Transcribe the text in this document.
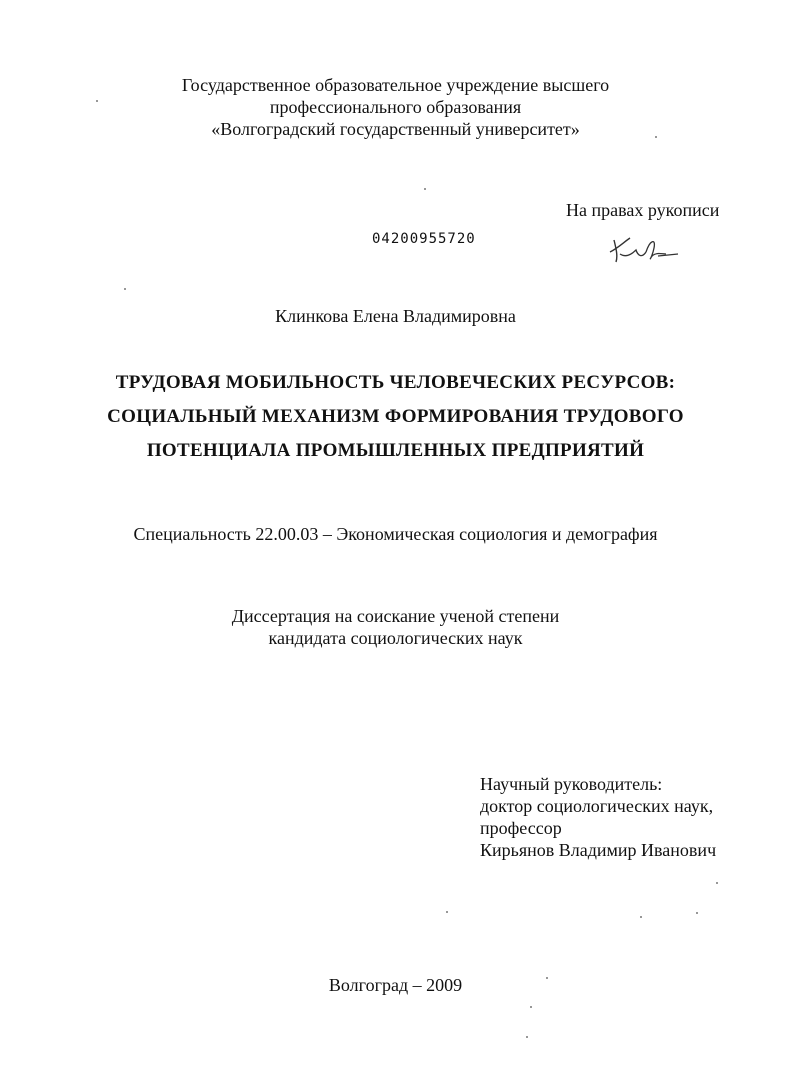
Государственное образовательное учреждение высшего
профессионального образования
«Волгоградский государственный университет»
На правах рукописи
04200955720
Клинкова Елена Владимировна
ТРУДОВАЯ МОБИЛЬНОСТЬ ЧЕЛОВЕЧЕСКИХ РЕСУРСОВ:
СОЦИАЛЬНЫЙ МЕХАНИЗМ ФОРМИРОВАНИЯ ТРУДОВОГО
ПОТЕНЦИАЛА ПРОМЫШЛЕННЫХ ПРЕДПРИЯТИЙ
Специальность 22.00.03 – Экономическая социология и демография
Диссертация на соискание ученой степени
кандидата социологических наук
Научный руководитель:
доктор социологических наук,
профессор
Кирьянов Владимир Иванович
Волгоград – 2009
